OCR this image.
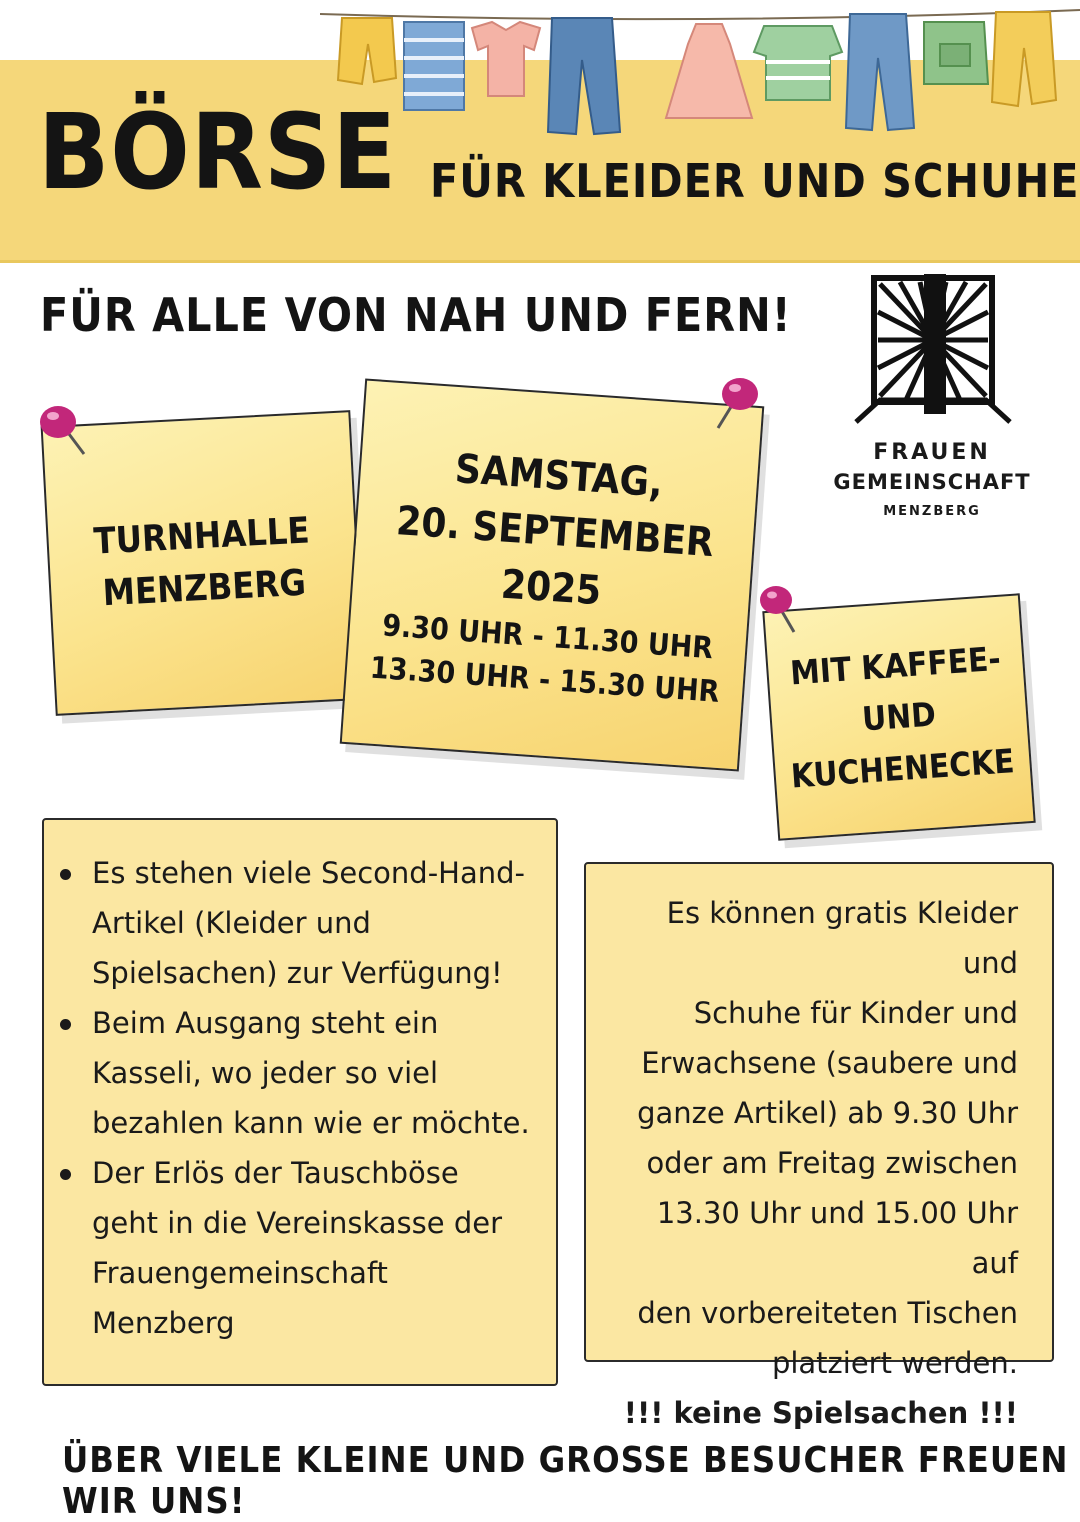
BÖRSE FÜR KLEIDER UND SCHUHE
FÜR ALLE VON NAH UND FERN!
FRAUEN
GEMEINSCHAFT
MENZBERG
TURNHALLE
MENZBERG
SAMSTAG,
20. SEPTEMBER
2025
9.30 UHR - 11.30 UHR
13.30 UHR - 15.30 UHR MIT KAFFEE-
UND
KUCHENECKE
Es stehen viele Second-Hand-
Artikel (Kleider und
Spielsachen) zur Verfügung!
Beim Ausgang steht ein
Kasseli, wo jeder so viel
bezahlen kann wie er möchte.
Der Erlös der Tauschböse
geht in die Vereinskasse der
Frauengemeinschaft
Menzberg
Es können gratis Kleider und
Schuhe für Kinder und
Erwachsene (saubere und
ganze Artikel) ab 9.30 Uhr
oder am Freitag zwischen
13.30 Uhr und 15.00 Uhr auf
den vorbereiteten Tischen
platziert werden.
!!! keine Spielsachen !!!
ÜBER VIELE KLEINE UND GROSSE BESUCHER FREUEN WIR UNS!
